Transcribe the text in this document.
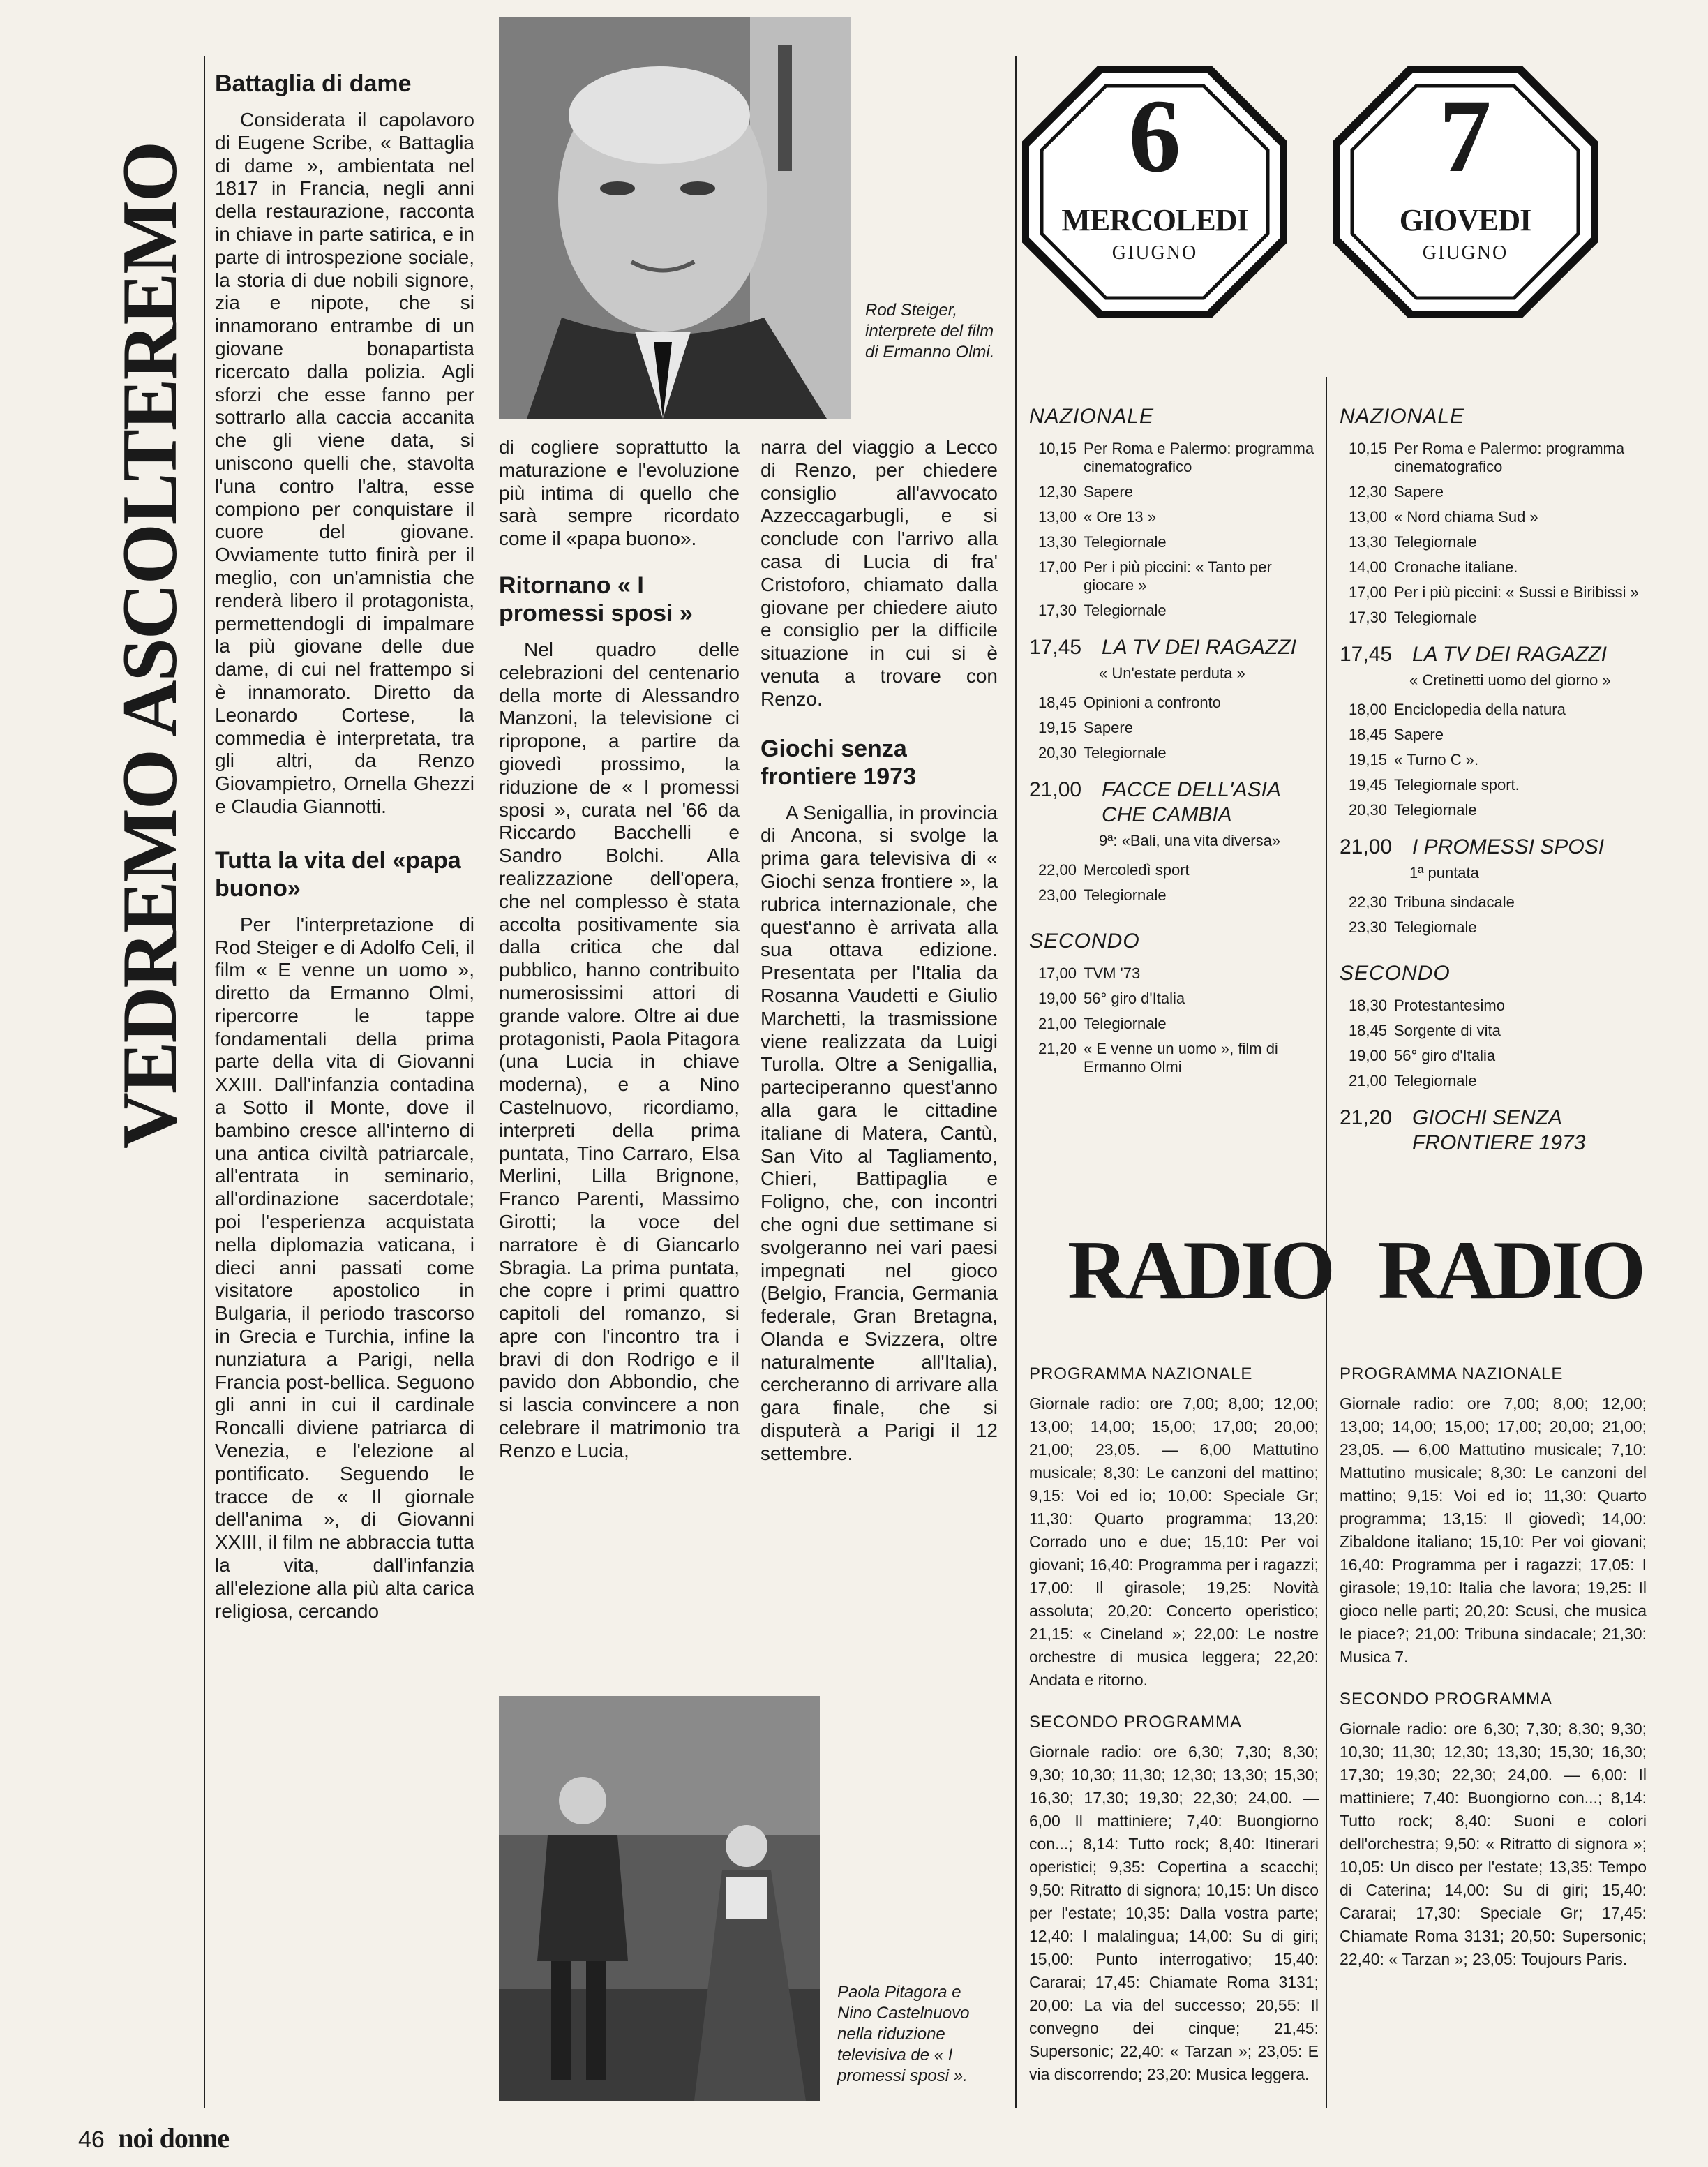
VEDREMO ASCOLTEREMO
Battaglia di dame

Considerata il capolavoro di Eugene Scribe, « Battaglia di dame », ambientata nel 1817 in Francia, negli anni della restaurazione, racconta in chiave in parte satirica, e in parte di introspezione sociale, la storia di due nobili signore, zia e nipote, che si innamorano entrambe di un giovane bonapartista ricercato dalla polizia. Agli sforzi che esse fanno per sottrarlo alla caccia accanita che gli viene data, si uniscono quelli che, stavolta l'una contro l'altra, esse compiono per conquistare il cuore del giovane. Ovviamente tutto finirà per il meglio, con un'amnistia che renderà libero il protagonista, permettendogli di impalmare la più giovane delle due dame, di cui nel frattempo si è innamorato. Diretto da Leonardo Cortese, la commedia è interpretata, tra gli altri, da Renzo Giovampietro, Ornella Ghezzi e Claudia Giannotti.

Tutta la vita del «papa buono»

Per l'interpretazione di Rod Steiger e di Adolfo Celi, il film « E venne un uomo », diretto da Ermanno Olmi, ripercorre le tappe fondamentali della prima parte della vita di Giovanni XXIII. Dall'infanzia contadina a Sotto il Monte, dove il bambino cresce all'interno di una antica civiltà patriarcale, all'entrata in seminario, all'ordinazione sacerdotale; poi l'esperienza acquistata nella diplomazia vaticana, i dieci anni passati come visitatore apostolico in Bulgaria, il periodo trascorso in Grecia e Turchia, infine la nunziatura a Parigi, nella Francia post-bellica. Seguono gli anni in cui il cardinale Roncalli diviene patriarca di Venezia, e l'elezione al pontificato. Seguendo le tracce de « Il giornale dell'anima », di Giovanni XXIII, il film ne abbraccia tutta la vita, dall'infanzia all'elezione alla più alta carica religiosa, cercando

Rod Steiger, interprete del film di Ermanno Olmi.

di cogliere soprattutto la maturazione e l'evoluzione più intima di quello che sarà sempre ricordato come il «papa buono».

Ritornano « I promessi sposi »

Nel quadro delle celebrazioni del centenario della morte di Alessandro Manzoni, la televisione ci ripropone, a partire da giovedì prossimo, la riduzione de « I promessi sposi », curata nel '66 da Riccardo Bacchelli e Sandro Bolchi. Alla realizzazione dell'opera, che nel complesso è stata accolta positivamente sia dalla critica che dal pubblico, hanno contribuito numerosissimi attori di grande valore. Oltre ai due protagonisti, Paola Pitagora (una Lucia in chiave moderna), e a Nino Castelnuovo, ricordiamo, interpreti della prima puntata, Tino Carraro, Elsa Merlini, Lilla Brignone, Franco Parenti, Massimo Girotti; la voce del narratore è di Giancarlo Sbragia. La prima puntata, che copre i primi quattro capitoli del romanzo, si apre con l'incontro tra i bravi di don Rodrigo e il pavido don Abbondio, che si lascia convincere a non celebrare il matrimonio tra Renzo e Lucia,

narra del viaggio a Lecco di Renzo, per chiedere consiglio all'avvocato Azzeccagarbugli, e si conclude con l'arrivo alla casa di Lucia di fra' Cristoforo, chiamato dalla giovane per chiedere aiuto e consiglio per la difficile situazione in cui si è venuta a trovare con Renzo.

Giochi senza frontiere 1973

A Senigallia, in provincia di Ancona, si svolge la prima gara televisiva di « Giochi senza frontiere », la rubrica internazionale, che quest'anno è arrivata alla sua ottava edizione. Presentata per l'Italia da Rosanna Vaudetti e Giulio Marchetti, la trasmissione viene realizzata da Luigi Turolla. Oltre a Senigallia, parteciperanno quest'anno alla gara le cittadine italiane di Matera, Cantù, San Vito al Tagliamento, Chieri, Battipaglia e Foligno, che, con incontri che ogni due settimane si svolgeranno nei vari paesi impegnati nel gioco (Belgio, Francia, Germania federale, Gran Bretagna, Olanda e Svizzera, oltre naturalmente all'Italia), cercheranno di arrivare alla gara finale, che si disputerà a Parigi il 12 settembre.

Paola Pitagora e Nino Castelnuovo nella riduzione televisiva de « I promessi sposi ».
6
MERCOLEDI
GIUGNO
7
GIOVEDI
GIUGNO
NAZIONALE
10,15 Per Roma e Palermo: programma cinematografico
12,30 Sapere
13,00 « Ore 13 »
13,30 Telegiornale
17,00 Per i più piccini: « Tanto per giocare »
17,30 Telegiornale
17,45 LA TV DEI RAGAZZI
« Un'estate perduta »
18,45 Opinioni a confronto
19,15 Sapere
20,30 Telegiornale
21,00 FACCE DELL'ASIA CHE CAMBIA
9ª: «Bali, una vita diversa»
22,00 Mercoledì sport
23,00 Telegiornale
SECONDO
17,00 TVM '73
19,00 56° giro d'Italia
21,00 Telegiornale
21,20 « E venne un uomo », film di Ermanno Olmi
NAZIONALE
10,15 Per Roma e Palermo: programma cinematografico
12,30 Sapere
13,00 « Nord chiama Sud »
13,30 Telegiornale
14,00 Cronache italiane.
17,00 Per i più piccini: « Sussi e Biribissi »
17,30 Telegiornale
17,45 LA TV DEI RAGAZZI
« Cretinetti uomo del giorno »
18,00 Enciclopedia della natura
18,45 Sapere
19,15 « Turno C ».
19,45 Telegiornale sport.
20,30 Telegiornale
21,00 I PROMESSI SPOSI
1ª puntata
22,30 Tribuna sindacale
23,30 Telegiornale
SECONDO
18,30 Protestantesimo
18,45 Sorgente di vita
19,00 56° giro d'Italia
21,00 Telegiornale
21,20 GIOCHI SENZA FRONTIERE 1973
RADIO RADIO
PROGRAMMA NAZIONALE
Giornale radio: ore 7,00; 8,00; 12,00; 13,00; 14,00; 15,00; 17,00; 20,00; 21,00; 23,05. — 6,00 Mattutino musicale; 8,30: Le canzoni del mattino; 9,15: Voi ed io; 10,00: Speciale Gr; 11,30: Quarto programma; 13,20: Corrado uno e due; 15,10: Per voi giovani; 16,40: Programma per i ragazzi; 17,00: Il girasole; 19,25: Novità assoluta; 20,20: Concerto operistico; 21,15: « Cineland »; 22,00: Le nostre orchestre di musica leggera; 22,20: Andata e ritorno.
SECONDO PROGRAMMA
Giornale radio: ore 6,30; 7,30; 8,30; 9,30; 10,30; 11,30; 12,30; 13,30; 15,30; 16,30; 17,30; 19,30; 22,30; 24,00. — 6,00 Il mattiniere; 7,40: Buongiorno con...; 8,14: Tutto rock; 8,40: Itinerari operistici; 9,35: Copertina a scacchi; 9,50: Ritratto di signora; 10,15: Un disco per l'estate; 10,35: Dalla vostra parte; 12,40: I malalingua; 14,00: Su di giri; 15,00: Punto interrogativo; 15,40: Cararai; 17,45: Chiamate Roma 3131; 20,00: La via del successo; 20,55: Il convegno dei cinque; 21,45: Supersonic; 22,40: « Tarzan »; 23,05: E via discorrendo; 23,20: Musica leggera.
PROGRAMMA NAZIONALE
Giornale radio: ore 7,00; 8,00; 12,00; 13,00; 14,00; 15,00; 17,00; 20,00; 21,00; 23,05. — 6,00 Mattutino musicale; 7,10: Mattutino musicale; 8,30: Le canzoni del mattino; 9,15: Voi ed io; 11,30: Quarto programma; 13,15: Il giovedì; 14,00: Zibaldone italiano; 15,10: Per voi giovani; 16,40: Programma per i ragazzi; 17,05: I girasole; 19,10: Italia che lavora; 19,25: Il gioco nelle parti; 20,20: Scusi, che musica le piace?; 21,00: Tribuna sindacale; 21,30: Musica 7.
SECONDO PROGRAMMA
Giornale radio: ore 6,30; 7,30; 8,30; 9,30; 10,30; 11,30; 12,30; 13,30; 15,30; 16,30; 17,30; 19,30; 22,30; 24,00. — 6,00: Il mattiniere; 7,40: Buongiorno con...; 8,14: Tutto rock; 8,40: Suoni e colori dell'orchestra; 9,50: « Ritratto di signora »; 10,05: Un disco per l'estate; 13,35: Tempo di Caterina; 14,00: Su di giri; 15,40: Cararai; 17,30: Speciale Gr; 17,45: Chiamate Roma 3131; 20,50: Supersonic; 22,40: « Tarzan »; 23,05: Toujours Paris.
46 noi donne
